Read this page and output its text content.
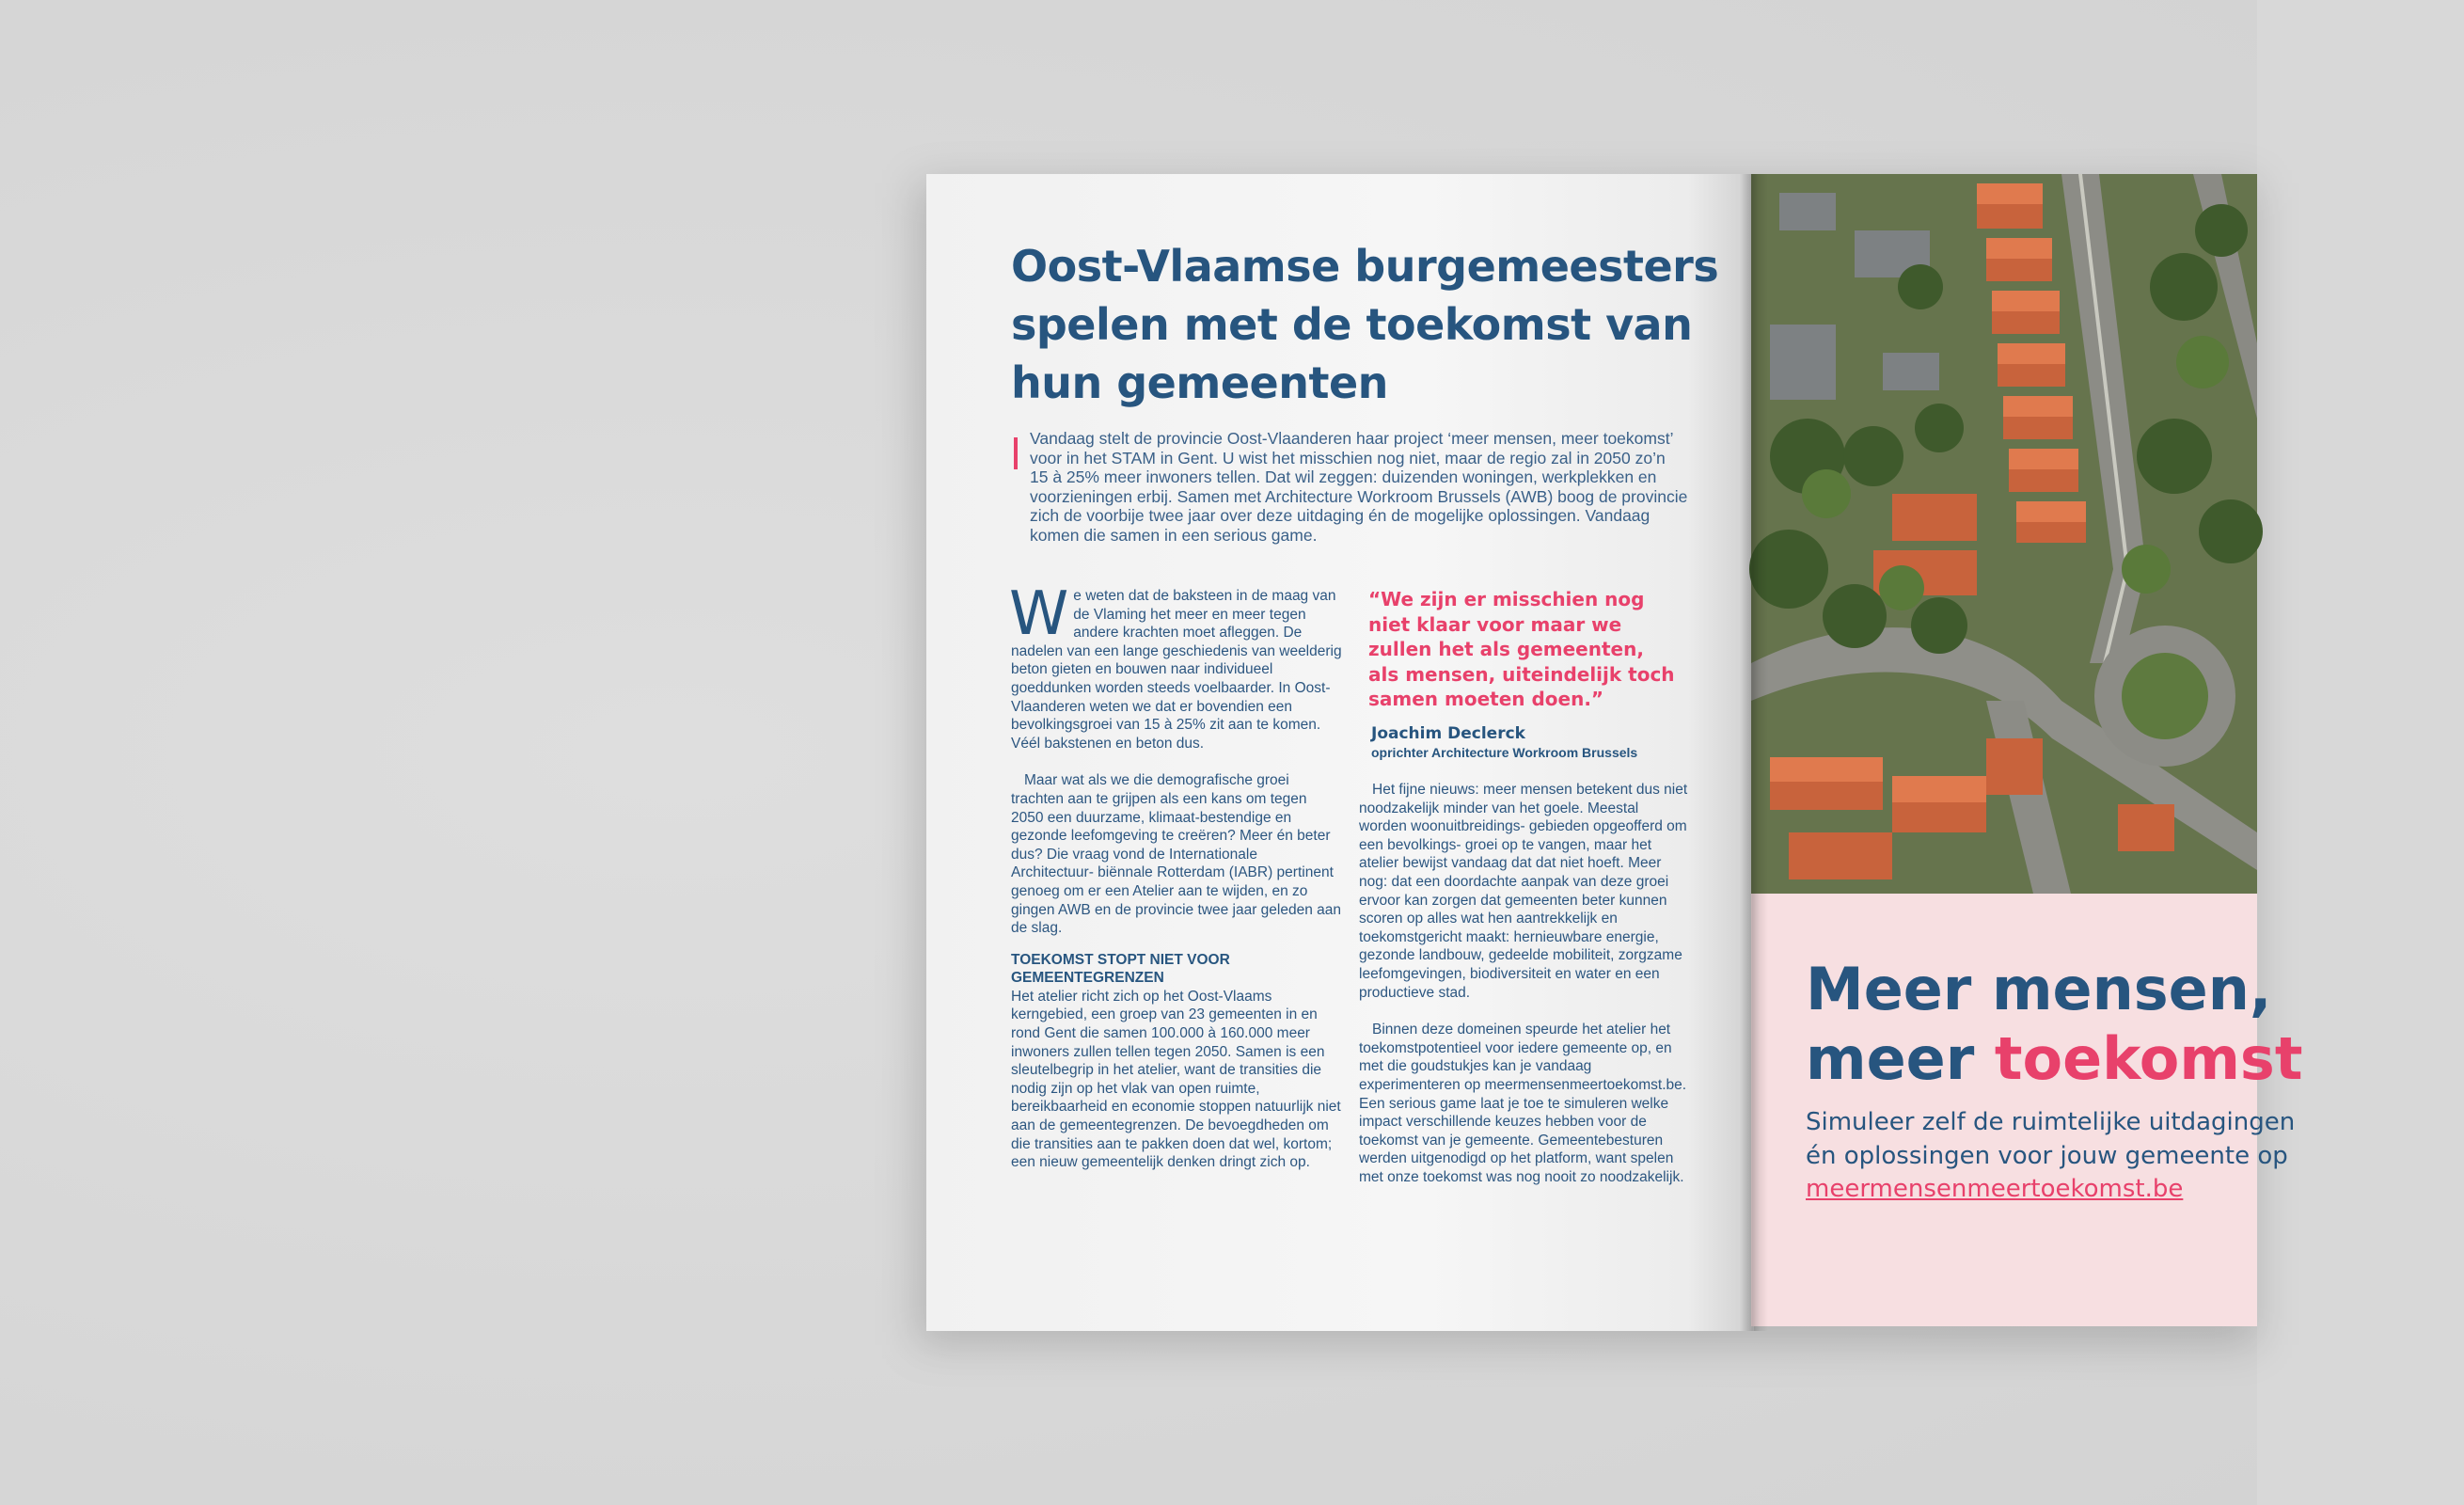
Oost-Vlaamse burgemeesters spelen met de toekomst van hun gemeenten

Vandaag stelt de provincie Oost-Vlaanderen haar project ‘meer mensen, meer toekomst’ voor in het STAM in Gent. U wist het misschien nog niet, maar de regio zal in 2050 zo’n 15 à 25% meer inwoners tellen. Dat wil zeggen: duizenden woningen, werkplekken en voorzieningen erbij. Samen met Architecture Workroom Brussels (AWB) boog de provincie zich de voorbije twee jaar over deze uitdaging én de mogelijke oplossingen. Vandaag komen die samen in een serious game.

We weten dat de baksteen in de maag van de Vlaming het meer en meer tegen andere krachten moet afleggen. De nadelen van een lange geschiedenis van weelderig beton gieten en bouwen naar individueel goeddunken worden steeds voelbaarder. In Oost-Vlaanderen weten we dat er bovendien een bevolkingsgroei van 15 à 25% zit aan te komen. Véél bakstenen en beton dus.

Maar wat als we die demografische groei trachten aan te grijpen als een kans om tegen 2050 een duurzame, klimaat-bestendige en gezonde leefomgeving te creëren? Meer én beter dus? Die vraag vond de Internationale Architectuur- biënnale Rotterdam (IABR) pertinent genoeg om er een Atelier aan te wijden, en zo gingen AWB en de provincie twee jaar geleden aan de slag.

TOEKOMST STOPT NIET VOOR GEMEENTEGRENZEN

Het atelier richt zich op het Oost-Vlaams kerngebied, een groep van 23 gemeenten in en rond Gent die samen 100.000 à 160.000 meer inwoners zullen tellen tegen 2050. Samen is een sleutelbegrip in het atelier, want de transities die nodig zijn op het vlak van open ruimte, bereikbaarheid en economie stoppen natuurlijk niet aan de gemeentegrenzen. De bevoegdheden om die transities aan te pakken doen dat wel, kortom; een nieuw gemeentelijk denken dringt zich op.

“We zijn er misschien nog niet klaar voor maar we zullen het als gemeenten, als mensen, uiteindelijk toch samen moeten doen.”

Joachim Declerck
oprichter Architecture Workroom Brussels

Het fijne nieuws: meer mensen betekent dus niet noodzakelijk minder van het goele. Meestal worden woonuitbreidings- gebieden opgeofferd om een bevolkings- groei op te vangen, maar het atelier bewijst vandaag dat dat niet hoeft. Meer nog: dat een doordachte aanpak van deze groei ervoor kan zorgen dat gemeenten beter kunnen scoren op alles wat hen aantrekkelijk en toekomstgericht maakt: hernieuwbare energie, gezonde landbouw, gedeelde mobiliteit, zorgzame leefomgevingen, biodiversiteit en water en een productieve stad.

Binnen deze domeinen speurde het atelier het toekomstpotentieel voor iedere gemeente op, en met die goudstukjes kan je vandaag experimenteren op meermensenmeertoekomst.be. Een serious game laat je toe te simuleren welke impact verschillende keuzes hebben voor de toekomst van je gemeente. Gemeentebesturen werden uitgenodigd op het platform, want spelen met onze toekomst was nog nooit zo noodzakelijk.

Meer mensen,
meer toekomst

Simuleer zelf de ruimtelijke uitdagingen
én oplossingen voor jouw gemeente op

meermensenmeertoekomst.be
